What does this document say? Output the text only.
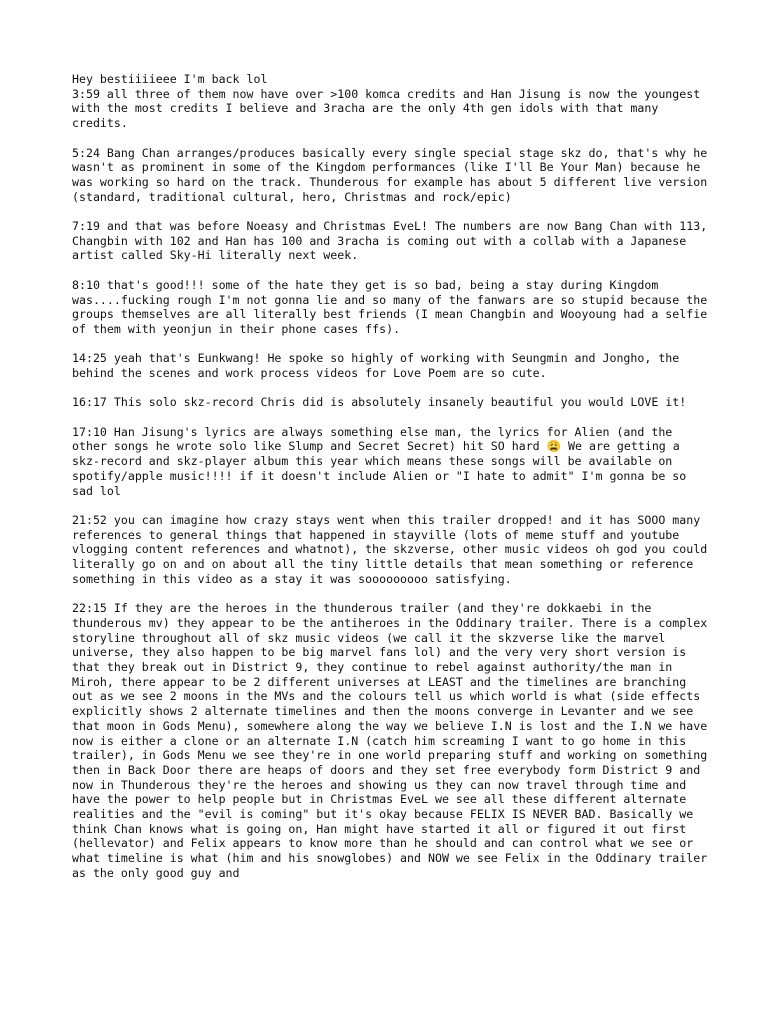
Hey bestiiiieee I'm back lol
3:59 all three of them now have over >100 komca credits and Han Jisung is now the youngest with the most credits I believe and 3racha are the only 4th gen idols with that many credits.

5:24 Bang Chan arranges/produces basically every single special stage skz do, that's why he wasn't as prominent in some of the Kingdom performances (like I'll Be Your Man) because he was working so hard on the track. Thunderous for example has about 5 different live version (standard, traditional cultural, hero, Christmas and rock/epic)

7:19 and that was before Noeasy and Christmas EveL! The numbers are now Bang Chan with 113, Changbin with 102 and Han has 100 and 3racha is coming out with a collab with a Japanese artist called Sky-Hi literally next week.

8:10 that's good!!! some of the hate they get is so bad, being a stay during Kingdom was....fucking rough I'm not gonna lie and so many of the fanwars are so stupid because the groups themselves are all literally best friends (I mean Changbin and Wooyoung had a selfie of them with yeonjun in their phone cases ffs).

14:25 yeah that's Eunkwang! He spoke so highly of working with Seungmin and Jongho, the behind the scenes and work process videos for Love Poem are so cute.

16:17 This solo skz-record Chris did is absolutely insanely beautiful you would LOVE it!

17:10 Han Jisung's lyrics are always something else man, the lyrics for Alien (and the other songs he wrote solo like Slump and Secret Secret) hit SO hard 😩 We are getting a skz-record and skz-player album this year which means these songs will be available on spotify/apple music!!!! if it doesn't include Alien or "I hate to admit" I'm gonna be so sad lol

21:52 you can imagine how crazy stays went when this trailer dropped! and it has SOOO many references to general things that happened in stayville (lots of meme stuff and youtube vlogging content references and whatnot), the skzverse, other music videos oh god you could literally go on and on about all the tiny little details that mean something or reference something in this video as a stay it was sooooooooo satisfying.

22:15 If they are the heroes in the thunderous trailer (and they're dokkaebi in the thunderous mv) they appear to be the antiheroes in the Oddinary trailer. There is a complex storyline throughout all of skz music videos (we call it the skzverse like the marvel universe, they also happen to be big marvel fans lol) and the very very short version is that they break out in District 9, they continue to rebel against authority/the man in Miroh, there appear to be 2 different universes at LEAST and the timelines are branching out as we see 2 moons in the MVs and the colours tell us which world is what (side effects explicitly shows 2 alternate timelines and then the moons converge in Levanter and we see that moon in Gods Menu), somewhere along the way we believe I.N is lost and the I.N we have now is either a clone or an alternate I.N (catch him screaming I want to go home in this trailer), in Gods Menu we see they're in one world preparing stuff and working on something then in Back Door there are heaps of doors and they set free everybody form District 9 and now in Thunderous they're the heroes and showing us they can now travel through time and have the power to help people but in Christmas EveL we see all these different alternate realities and the "evil is coming" but it's okay because FELIX IS NEVER BAD. Basically we think Chan knows what is going on, Han might have started it all or figured it out first (hellevator) and Felix appears to know more than he should and can control what we see or what timeline is what (him and his snowglobes) and NOW we see Felix in the Oddinary trailer as the only good guy and
